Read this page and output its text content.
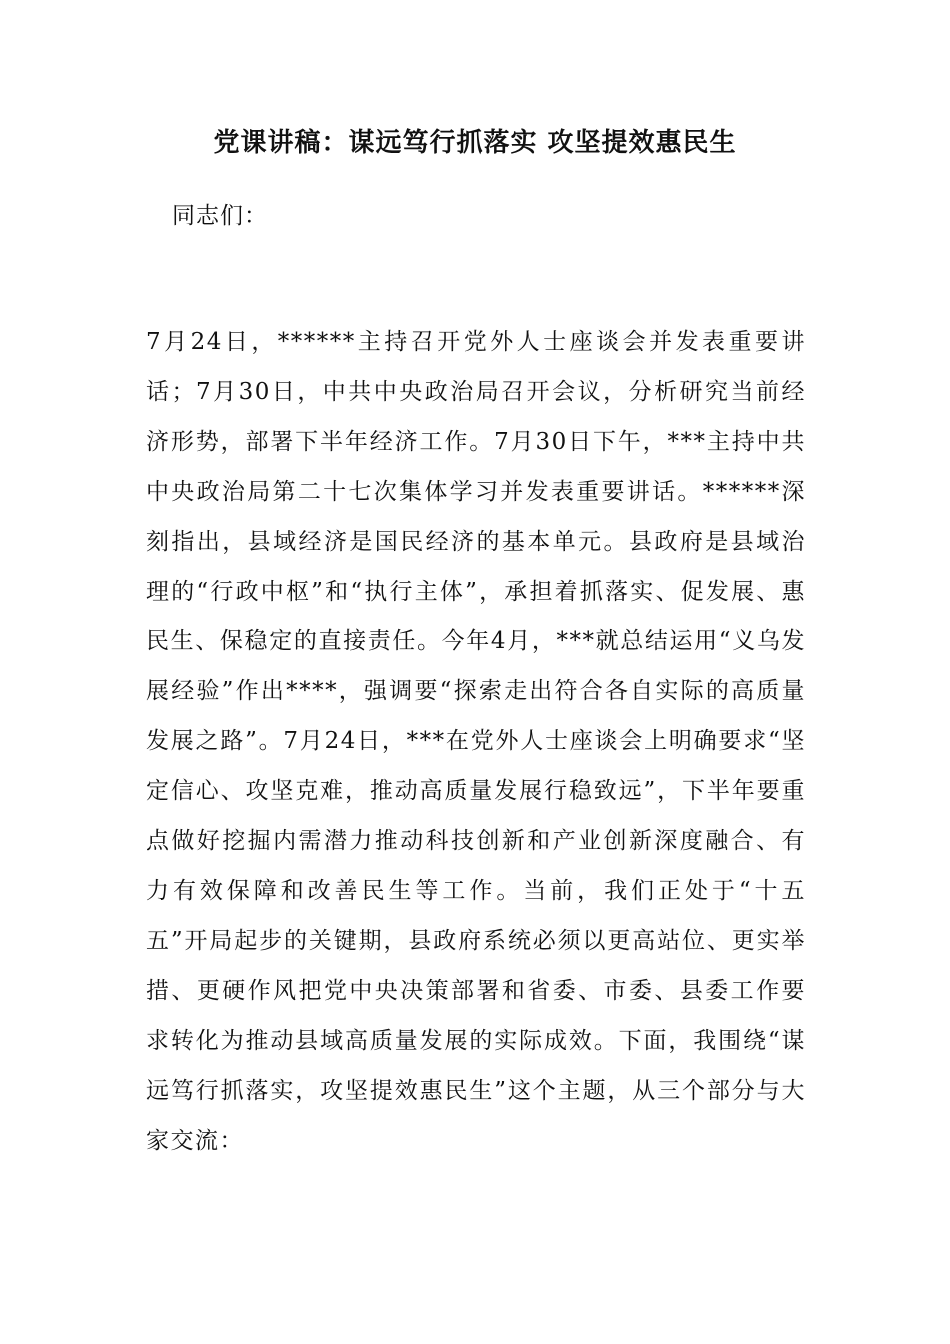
党课讲稿：谋远笃行抓落实 攻坚提效惠民生

同志们：

7月24日，******主持召开党外人士座谈会并发表重要讲话；7月30日，中共中央政治局召开会议，分析研究当前经济形势，部署下半年经济工作。7月30日下午，***主持中共中央政治局第二十七次集体学习并发表重要讲话。******深刻指出，县域经济是国民经济的基本单元。县政府是县域治理的“行政中枢”和“执行主体”，承担着抓落实、促发展、惠民生、保稳定的直接责任。今年4月，***就总结运用“义乌发展经验”作出****，强调要“探索走出符合各自实际的高质量发展之路”。7月24日，***在党外人士座谈会上明确要求“坚定信心、攻坚克难，推动高质量发展行稳致远”，下半年要重点做好挖掘内需潜力推动科技创新和产业创新深度融合、有力有效保障和改善民生等工作。当前，我们正处于“十五五”开局起步的关键期，县政府系统必须以更高站位、更实举措、更硬作风把党中央决策部署和省委、市委、县委工作要求转化为推动县域高质量发展的实际成效。下面，我围绕“谋远笃行抓落实，攻坚提效惠民生”这个主题，从三个部分与大家交流：
